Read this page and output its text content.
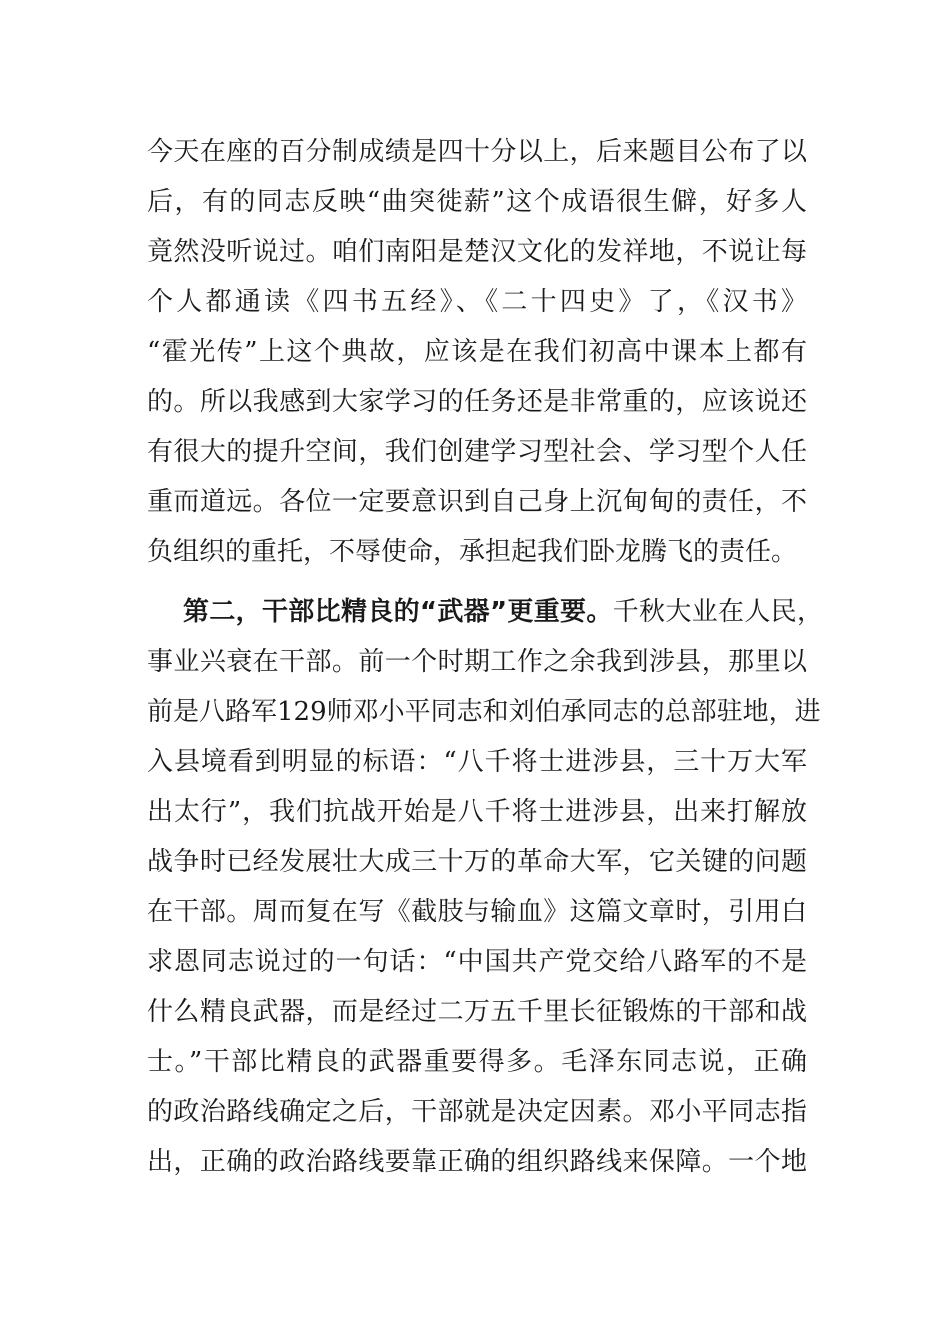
今天在座的百分制成绩是四十分以上，后来题目公布了以
后，有的同志反映“曲突徙薪”这个成语很生僻，好多人
竟然没听说过。咱们南阳是楚汉文化的发祥地，不说让每
个人都通读《四书五经》、《二十四史》了，《汉书》
“霍光传”上这个典故，应该是在我们初高中课本上都有
的。所以我感到大家学习的任务还是非常重的，应该说还
有很大的提升空间，我们创建学习型社会、学习型个人任
重而道远。各位一定要意识到自己身上沉甸甸的责任，不
负组织的重托，不辱使命，承担起我们卧龙腾飞的责任。
第二，干部比精良的“武器”更重要。千秋大业在人民，
事业兴衰在干部。前一个时期工作之余我到涉县，那里以
前是八路军129师邓小平同志和刘伯承同志的总部驻地，进
入县境看到明显的标语：“八千将士进涉县，三十万大军
出太行”，我们抗战开始是八千将士进涉县，出来打解放
战争时已经发展壮大成三十万的革命大军，它关键的问题
在干部。周而复在写《截肢与输血》这篇文章时，引用白
求恩同志说过的一句话：“中国共产党交给八路军的不是
什么精良武器，而是经过二万五千里长征锻炼的干部和战
士。”干部比精良的武器重要得多。毛泽东同志说，正确
的政治路线确定之后，干部就是决定因素。邓小平同志指
出，正确的政治路线要靠正确的组织路线来保障。一个地
